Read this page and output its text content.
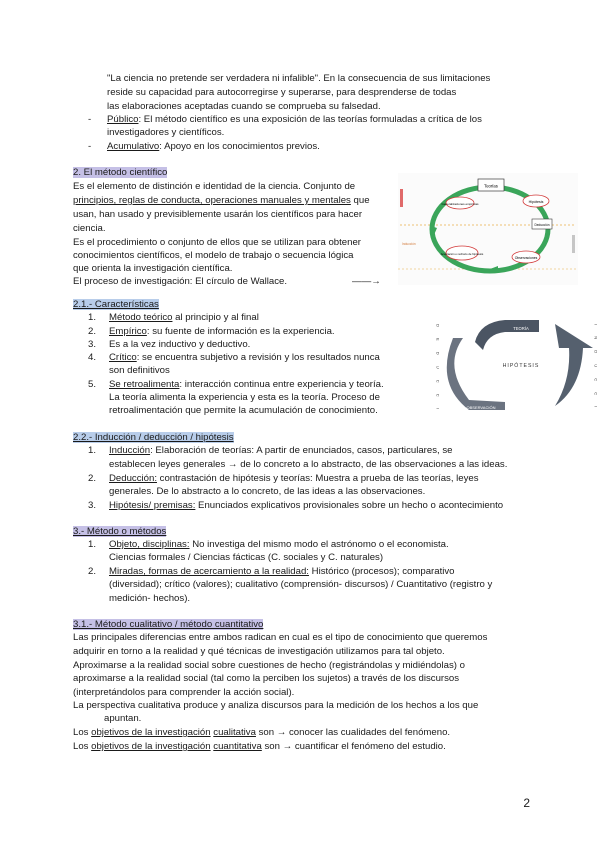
"La ciencia no pretende ser verdadera ni infalible". En la consecuencia de sus limitaciones
reside su capacidad para autocorregirse y superarse, para desprenderse de todas
las elaboraciones aceptadas cuando se comprueba su falsedad.
- Público: El método científico es una exposición de las teorías formuladas a crítica de los
investigadores y científicos.
- Acumulativo: Apoyo en los conocimientos previos.
2. El método científico
Es el elemento de distinción e identidad de la ciencia. Conjunto de
principios, reglas de conducta, operaciones manuales y mentales que
usan, han usado y previsiblemente usarán los científicos para hacer
ciencia.
Es el procedimiento o conjunto de ellos que se utilizan para obtener
conocimientos científicos, el modelo de trabajo o secuencia lógica
que orienta la investigación científica.
El proceso de investigación: El círculo de Wallace.	——→
Teorías
Generalizaciones empíricas	Hipótesis
Aceptación o rechazo de hipótesis
Observaciones
Deducción
Inducción
2.1.- Características
1. Método teórico al principio y al final
2. Empírico: su fuente de información es la experiencia.
3. Es a la vez inductivo y deductivo.
4. Crítico: se encuentra subjetivo a revisión y los resultados nunca
son definitivos
5. Se retroalimenta: interacción continua entre experiencia y teoría.
La teoría alimenta la experiencia y esta es la teoría. Proceso de
retroalimentación que permite la acumulación de conocimiento.
TEORÍA
HIPÓTESIS
OBSERVACIÓN
D E D U C C I Ó N	I N D U C C I Ó N
2.2.- Inducción / deducción / hipótesis
1. Inducción: Elaboración de teorías: A partir de enunciados, casos, particulares, se
establecen leyes generales → de lo concreto a lo abstracto, de las observaciones a las ideas.
2. Deducción: contrastación de hipótesis y teorías: Muestra a prueba de las teorías, leyes
generales. De lo abstracto a lo concreto, de las ideas a las observaciones.
3. Hipótesis/ premisas: Enunciados explicativos provisionales sobre un hecho o acontecimiento
3.- Método o métodos
1. Objeto, disciplinas: No investiga del mismo modo el astrónomo o el economista.
Ciencias formales / Ciencias fácticas (C. sociales y C. naturales)
2. Miradas, formas de acercamiento a la realidad: Histórico (procesos); comparativo
(diversidad); crítico (valores); cualitativo (comprensión- discursos) / Cuantitativo (registro y
medición- hechos).
3.1.- Método cualitativo / método cuantitativo
Las principales diferencias entre ambos radican en cual es el tipo de conocimiento que queremos
adquirir en torno a la realidad y qué técnicas de investigación utilizamos para tal objeto.
Aproximarse a la realidad social sobre cuestiones de hecho (registrándolas y midiéndolas) o
aproximarse a la realidad social (tal como la perciben los sujetos) a través de los discursos
(interpretándolos para comprender la acción social).
La perspectiva cualitativa produce y analiza discursos para la medición de los hechos a los que
apuntan.
Los objetivos de la investigación cualitativa son → conocer las cualidades del fenómeno.
Los objetivos de la investigación cuantitativa son → cuantificar el fenómeno del estudio.
2
